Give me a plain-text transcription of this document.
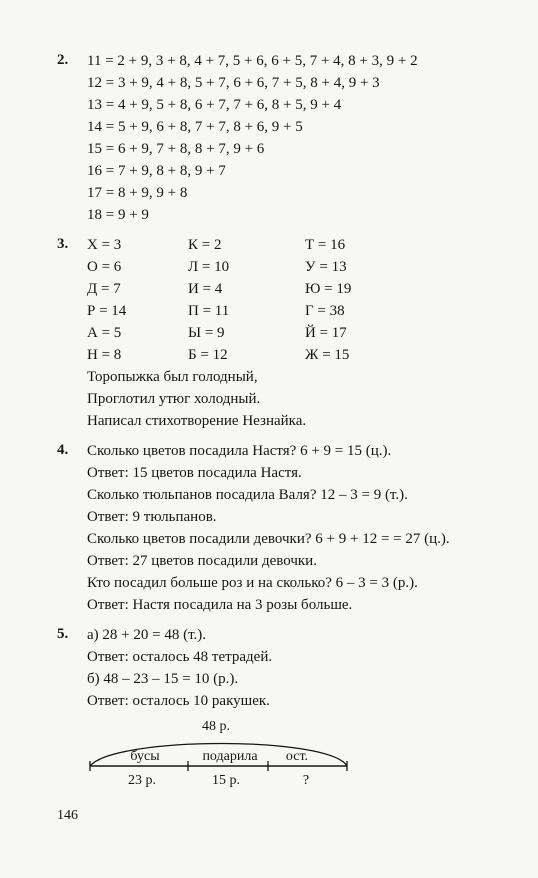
2. 11 = 2 + 9, 3 + 8, 4 + 7, 5 + 6, 6 + 5, 7 + 4, 8 + 3, 9 + 2
12 = 3 + 9, 4 + 8, 5 + 7, 6 + 6, 7 + 5, 8 + 4, 9 + 3
13 = 4 + 9, 5 + 8, 6 + 7, 7 + 6, 8 + 5, 9 + 4
14 = 5 + 9, 6 + 8, 7 + 7, 8 + 6, 9 + 5
15 = 6 + 9, 7 + 8, 8 + 7, 9 + 6
16 = 7 + 9, 8 + 8, 9 + 7
17 = 8 + 9, 9 + 8
18 = 9 + 9
3. Х = 3	К = 2	Т = 16
О = 6	Л = 10	У = 13
Д = 7	И = 4	Ю = 19
Р = 14	П = 11	Г = 38
А = 5	Ы = 9	Й = 17
Н = 8	Б = 12	Ж = 15
Торопыжка был голодный,
Проглотил утюг холодный.
Написал стихотворение Незнайка.
4. Сколько цветов посадила Настя? 6 + 9 = 15 (ц.).
Ответ: 15 цветов посадила Настя.
Сколько тюльпанов посадила Валя? 12 – 3 = 9 (т.).
Ответ: 9 тюльпанов.
Сколько цветов посадили девочки? 6 + 9 + 12 = = 27 (ц.).
Ответ: 27 цветов посадили девочки.
Кто посадил больше роз и на сколько? 6 – 3 = 3 (р.).
Ответ: Настя посадила на 3 розы больше.
5. а) 28 + 20 = 48 (т.).
Ответ: осталось 48 тетрадей.
б) 48 – 23 – 15 = 10 (р.).
Ответ: осталось 10 ракушек.
48 р.
бусы	подарила ост.
23 р.	15 р.	?
146
